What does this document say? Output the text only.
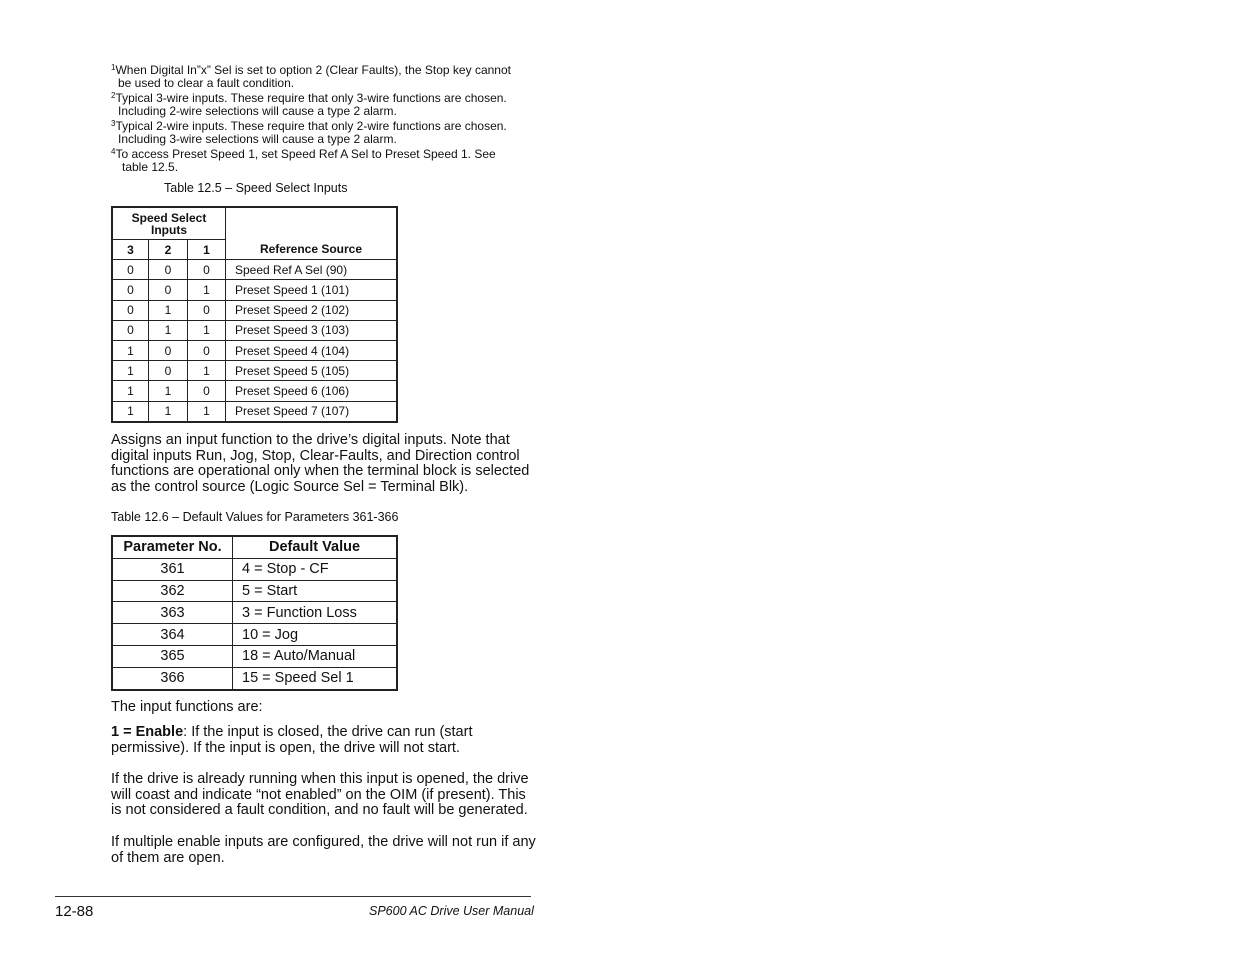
$^1$When Digital In”x” Sel is set to option 2 (Clear Faults), the Stop key cannot
be used to clear a fault condition.
$^2$Typical 3-wire inputs. These require that only 3-wire functions are chosen.
Including 2-wire selections will cause a type 2 alarm.
$^3$Typical 2-wire inputs. These require that only 2-wire functions are chosen.
Including 3-wire selections will cause a type 2 alarm.
$^4$To access Preset Speed 1, set Speed Ref A Sel to Preset Speed 1. See
table 12.5.
Table 12.5 – Speed Select Inputs
Speed Select Inputs			Reference Source
3	2	1	
0	0	0	Speed Ref A Sel (90)
0	0	1	Preset Speed 1 (101)
0	1	0	Preset Speed 2 (102)
0	1	1	Preset Speed 3 (103)
1	0	0	Preset Speed 4 (104)
1	0	1	Preset Speed 5 (105)
1	1	0	Preset Speed 6 (106)
1	1	1	Preset Speed 7 (107)
Assigns an input function to the drive’s digital inputs. Note that digital inputs Run, Jog, Stop, Clear-Faults, and Direction control functions are operational only when the terminal block is selected as the control source (Logic Source Sel = Terminal Blk).
Table 12.6 – Default Values for Parameters 361-366
Parameter No.	Default Value
361	4 = Stop - CF
362	5 = Start
363	3 = Function Loss
364	10 = Jog
365	18 = Auto/Manual
366	15 = Speed Sel 1
The input functions are:
1 = Enable: If the input is closed, the drive can run (start permissive). If the input is open, the drive will not start.
If the drive is already running when this input is opened, the drive will coast and indicate “not enabled” on the OIM (if present). This is not considered a fault condition, and no fault will be generated.
If multiple enable inputs are configured, the drive will not run if any of them are open.
12-88	SP600 AC Drive User Manual
